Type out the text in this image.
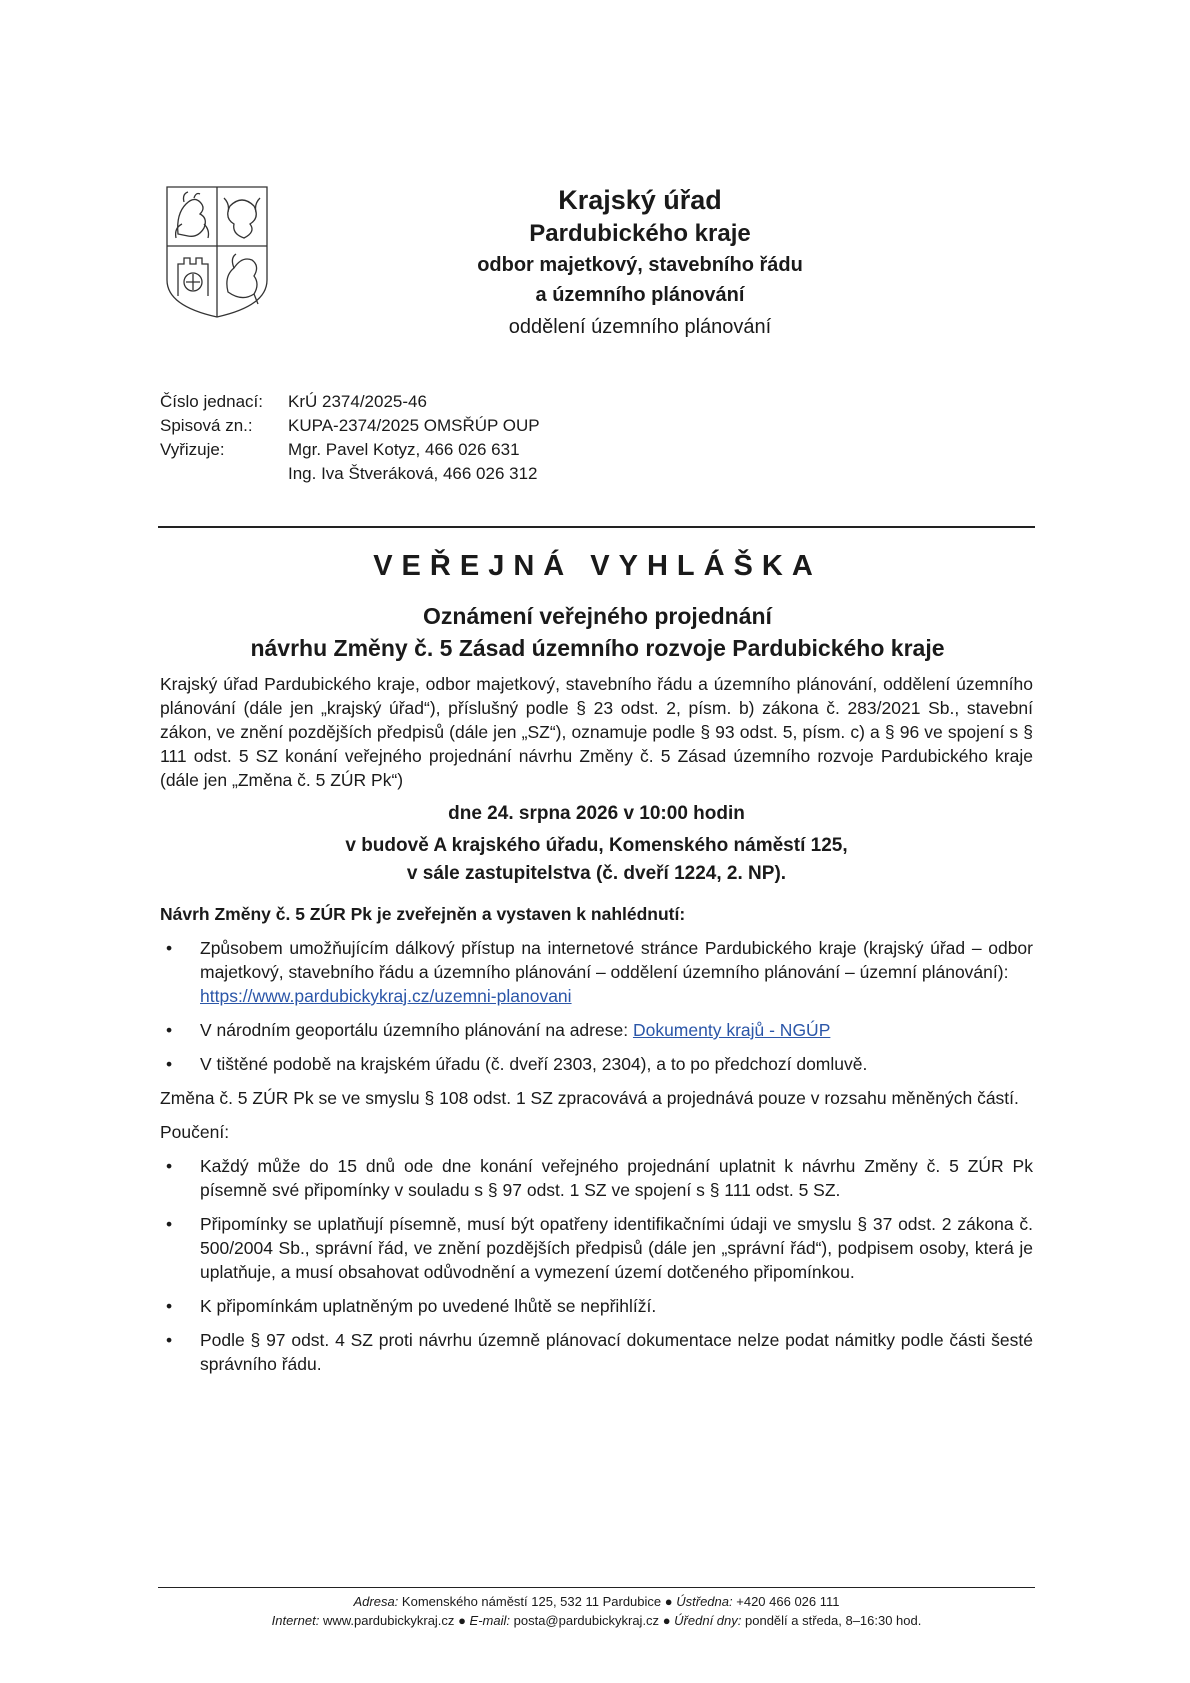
Krajský úřad
Pardubického kraje
odbor majetkový, stavebního řádu
a územního plánování
oddělení územního plánování
Číslo jednací:	KrÚ 2374/2025-46
Spisová zn.:	KUPA-2374/2025 OMSŘÚP OUP
Vyřizuje:	Mgr. Pavel Kotyz, 466 026 631
Ing. Iva Štveráková, 466 026 312
VEŘEJNÁ VYHLÁŠKA
Oznámení veřejného projednání
návrhu Změny č. 5 Zásad územního rozvoje Pardubického kraje

Krajský úřad Pardubického kraje, odbor majetkový, stavebního řádu a územního plánování, oddělení územního plánování (dále jen „krajský úřad“), příslušný podle § 23 odst. 2, písm. b) zákona č. 283/2021 Sb., stavební zákon, ve znění pozdějších předpisů (dále jen „SZ“), oznamuje podle § 93 odst. 5, písm. c) a § 96 ve spojení s § 111 odst. 5 SZ konání veřejného projednání návrhu Změny č. 5 Zásad územního rozvoje Pardubického kraje (dále jen „Změna č. 5 ZÚR Pk“)

dne 24. srpna 2026 v 10:00 hodin
v budově A krajského úřadu, Komenského náměstí 125,
v sále zastupitelstva (č. dveří 1224, 2. NP).

Návrh Změny č. 5 ZÚR Pk je zveřejněn a vystaven k nahlédnutí:

• Způsobem umožňujícím dálkový přístup na internetové stránce Pardubického kraje (krajský úřad – odbor majetkový, stavebního řádu a územního plánování – oddělení územního plánování – územní plánování):
https://www.pardubickykraj.cz/uzemni-planovani
• V národním geoportálu územního plánování na adrese: Dokumenty krajů - NGÚP
• V tištěné podobě na krajském úřadu (č. dveří 2303, 2304), a to po předchozí domluvě.

Změna č. 5 ZÚR Pk se ve smyslu § 108 odst. 1 SZ zpracovává a projednává pouze v rozsahu měněných částí.

Poučení:

• Každý může do 15 dnů ode dne konání veřejného projednání uplatnit k návrhu Změny č. 5 ZÚR Pk písemně své připomínky v souladu s § 97 odst. 1 SZ ve spojení s § 111 odst. 5 SZ.
• Připomínky se uplatňují písemně, musí být opatřeny identifikačními údaji ve smyslu § 37 odst. 2 zákona č. 500/2004 Sb., správní řád, ve znění pozdějších předpisů (dále jen „správní řád“), podpisem osoby, která je uplatňuje, a musí obsahovat odůvodnění a vymezení území dotčeného připomínkou.
• K připomínkám uplatněným po uvedené lhůtě se nepřihlíží.
• Podle § 97 odst. 4 SZ proti návrhu územně plánovací dokumentace nelze podat námitky podle části šesté správního řádu.
Adresa: Komenského náměstí 125, 532 11 Pardubice ● Ústředna: +420 466 026 111
Internet: www.pardubickykraj.cz ● E-mail: posta@pardubickykraj.cz ● Úřední dny: pondělí a středa, 8–16:30 hod.
